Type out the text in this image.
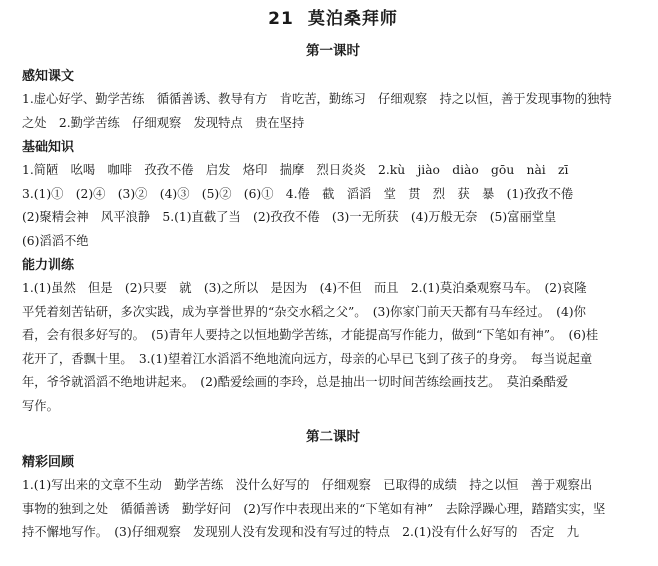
21 莫泊桑拜师
第一课时
感知课文

1.虚心好学、勤学苦练　循循善诱、教导有方　肯吃苦，勤练习　仔细观察　持之以恒，善于发现事物的独特
之处　2.勤学苦练　仔细观察　发现特点　贵在坚持

基础知识

1.简陋　吆喝　咖啡　孜孜不倦　启发　烙印　揣摩　烈日炎炎　2.kù　jiào　diào　gōu　nài　zī
3.(1)①　(2)④　(3)②　(4)③　(5)②　(6)①　4.倦　截　滔滔　堂　贯　烈　获　暴　(1)孜孜不倦
(2)聚精会神　风平浪静　5.(1)直截了当　(2)孜孜不倦　(3)一无所获　(4)万般无奈　(5)富丽堂皇
(6)滔滔不绝

能力训练

1.(1)虽然　但是　(2)只要　就　(3)之所以　是因为　(4)不但　而且　2.(1)莫泊桑观察马车。　(2)哀隆
平凭着刻苦钻研，多次实践，成为享誉世界的“杂交水稻之父”。　(3)你家门前天天都有马车经过。　(4)你
看，会有很多好写的。　(5)青年人要持之以恒地勤学苦练，才能提高写作能力，做到“下笔如有神”。　(6)桂
花开了，香飘十里。　3.(1)望着江水滔滔不绝地流向远方，母亲的心早已飞到了孩子的身旁。　每当说起童
年，爷爷就滔滔不绝地讲起来。　(2)酷爱绘画的李玲，总是抽出一切时间苦练绘画技艺。　莫泊桑酷爱
写作。

第二课时
精彩回顾

1.(1)写出来的文章不生动　勤学苦练　没什么好写的　仔细观察　已取得的成绩　持之以恒　善于观察出
事物的独到之处　循循善诱　勤学好问　(2)写作中表现出来的“下笔如有神”　去除浮躁心理，踏踏实实，坚
持不懈地写作。　(3)仔细观察　发现别人没有发现和没有写过的特点　2.(1)没有什么好写的　否定　九
